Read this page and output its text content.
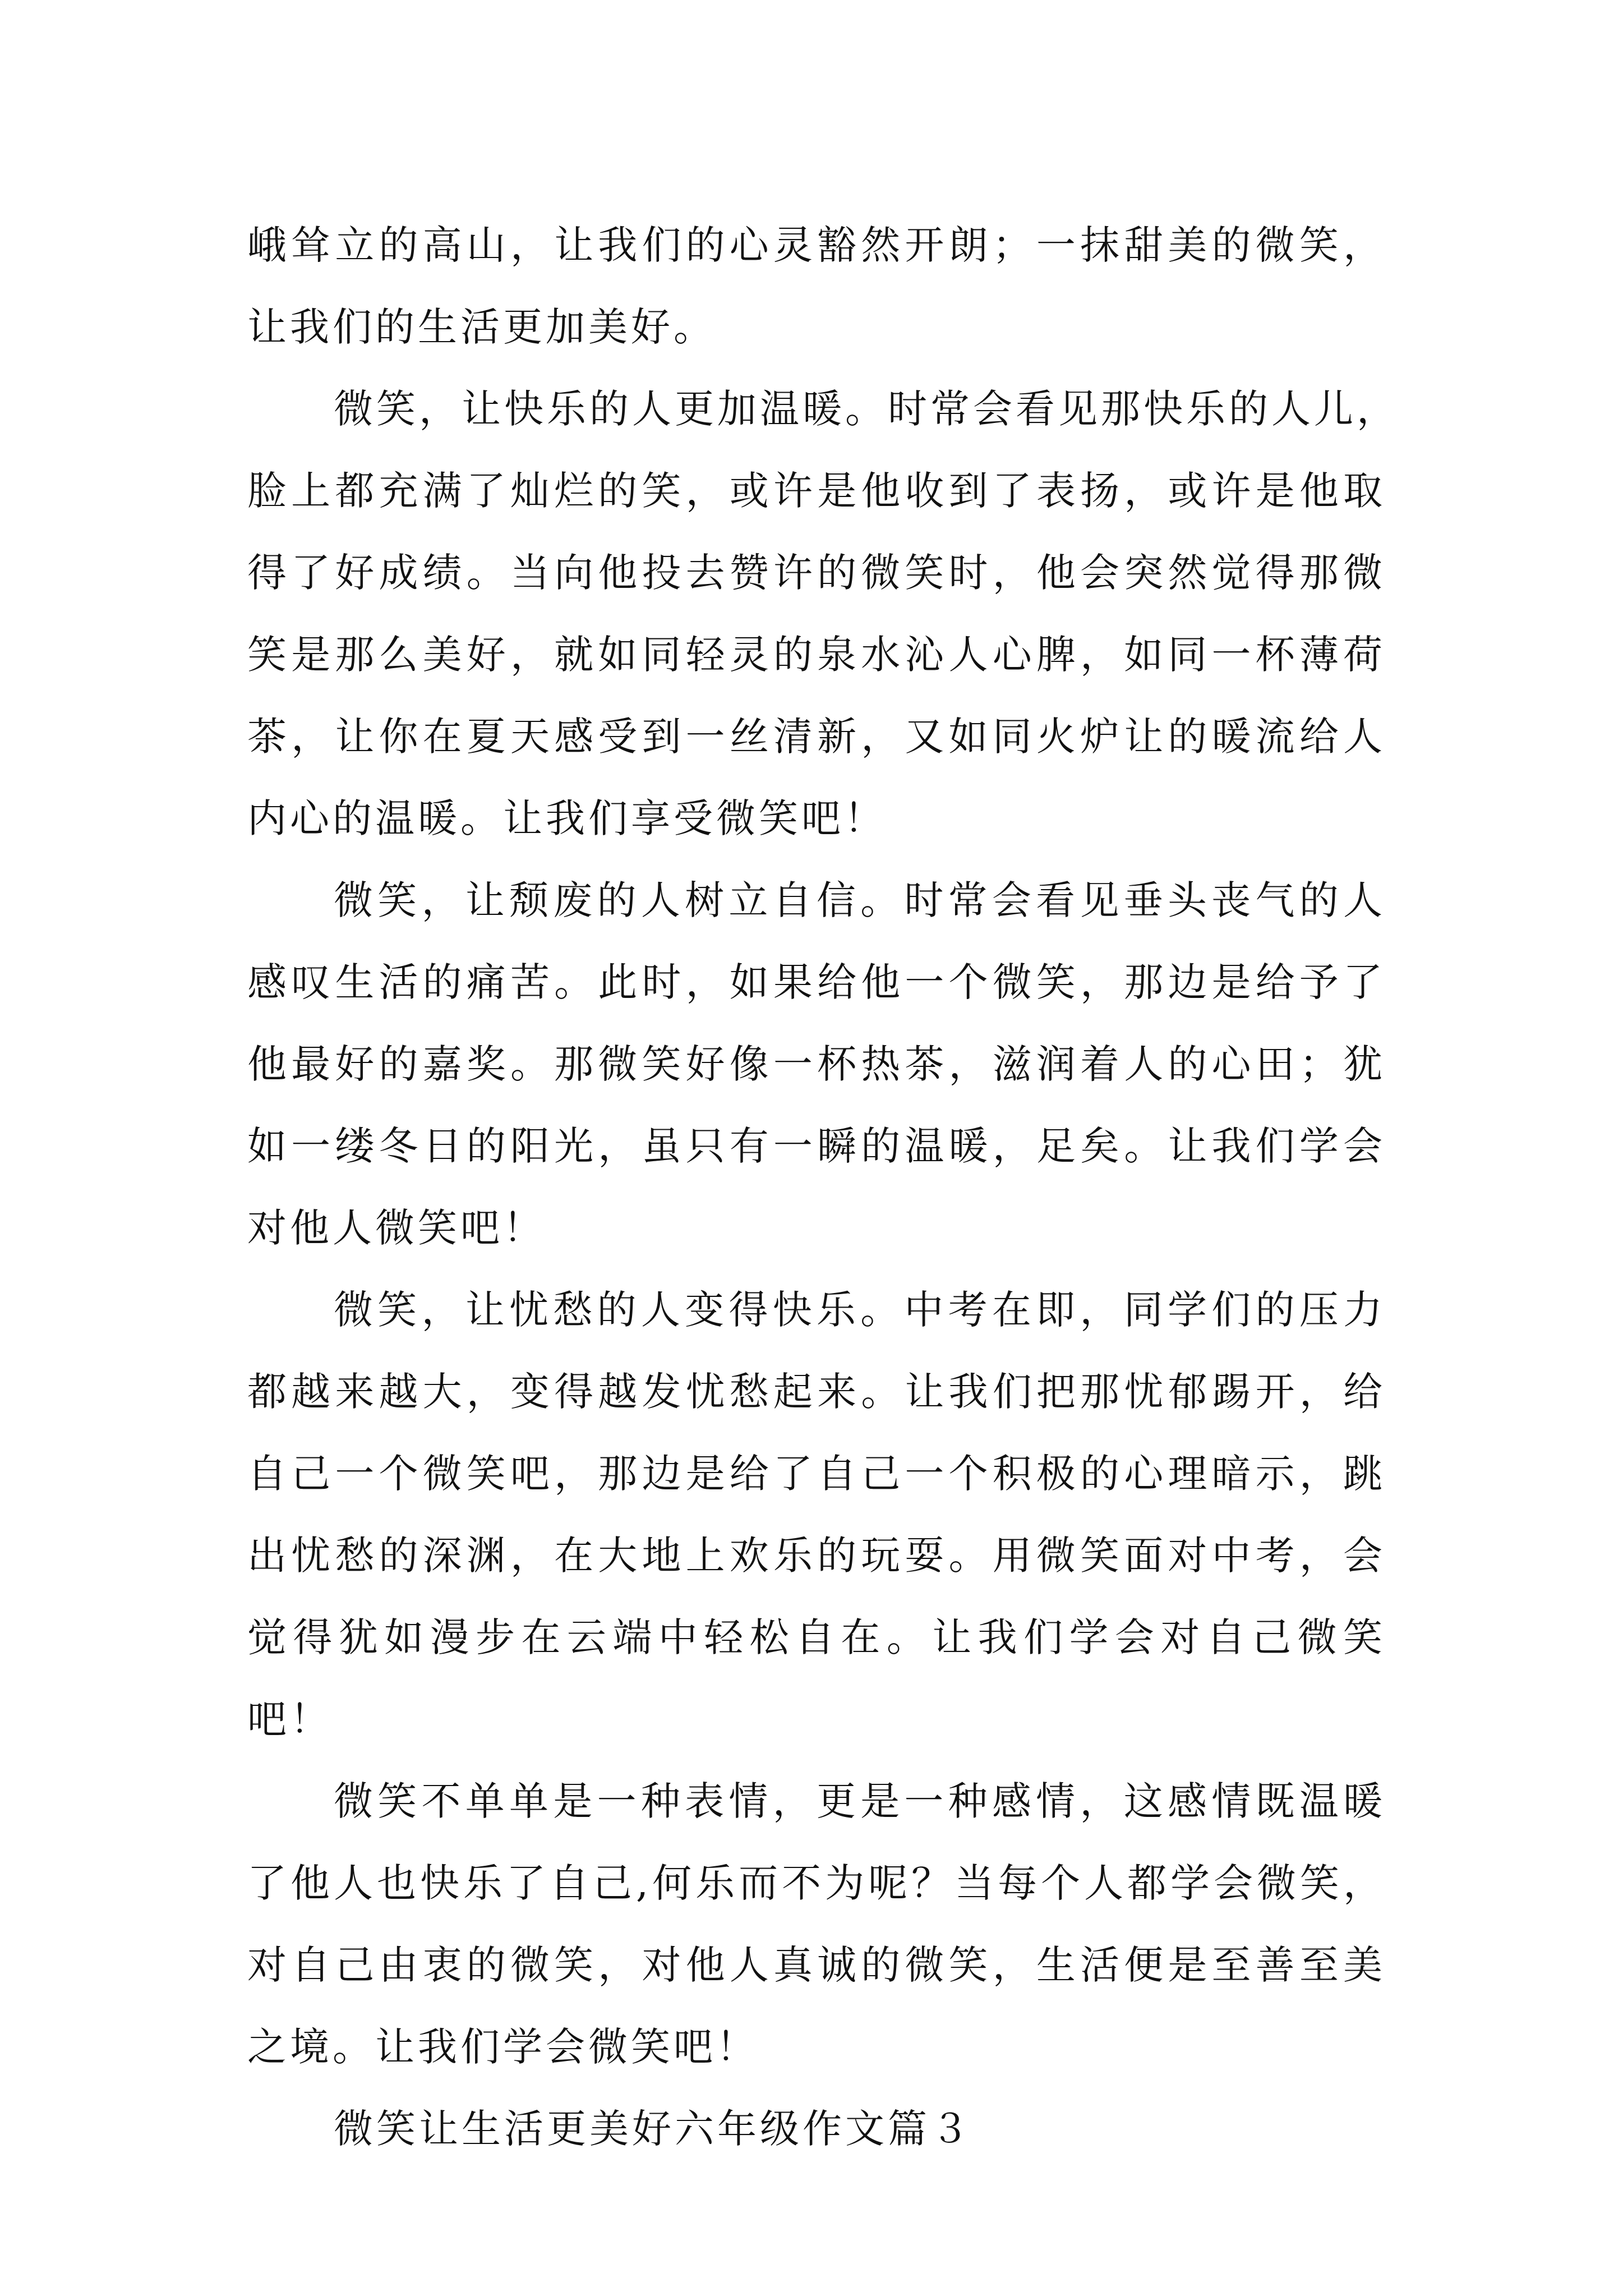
峨耸立的高山，让我们的心灵豁然开朗；一抹甜美的微笑，
让我们的生活更加美好。
微笑，让快乐的人更加温暖。时常会看见那快乐的人儿，
脸上都充满了灿烂的笑，或许是他收到了表扬，或许是他取
得了好成绩。当向他投去赞许的微笑时，他会突然觉得那微
笑是那么美好，就如同轻灵的泉水沁人心脾，如同一杯薄荷
茶，让你在夏天感受到一丝清新，又如同火炉让的暖流给人
内心的温暖。让我们享受微笑吧！
微笑，让颓废的人树立自信。时常会看见垂头丧气的人
感叹生活的痛苦。此时，如果给他一个微笑，那边是给予了
他最好的嘉奖。那微笑好像一杯热茶，滋润着人的心田；犹
如一缕冬日的阳光，虽只有一瞬的温暖，足矣。让我们学会
对他人微笑吧！
微笑，让忧愁的人变得快乐。中考在即，同学们的压力
都越来越大，变得越发忧愁起来。让我们把那忧郁踢开，给
自己一个微笑吧，那边是给了自己一个积极的心理暗示，跳
出忧愁的深渊，在大地上欢乐的玩耍。用微笑面对中考，会
觉得犹如漫步在云端中轻松自在。让我们学会对自己微笑
吧！
微笑不单单是一种表情，更是一种感情，这感情既温暖
了他人也快乐了自己,何乐而不为呢？当每个人都学会微笑，
对自己由衷的微笑，对他人真诚的微笑，生活便是至善至美
之境。让我们学会微笑吧！
微笑让生活更美好六年级作文篇３
